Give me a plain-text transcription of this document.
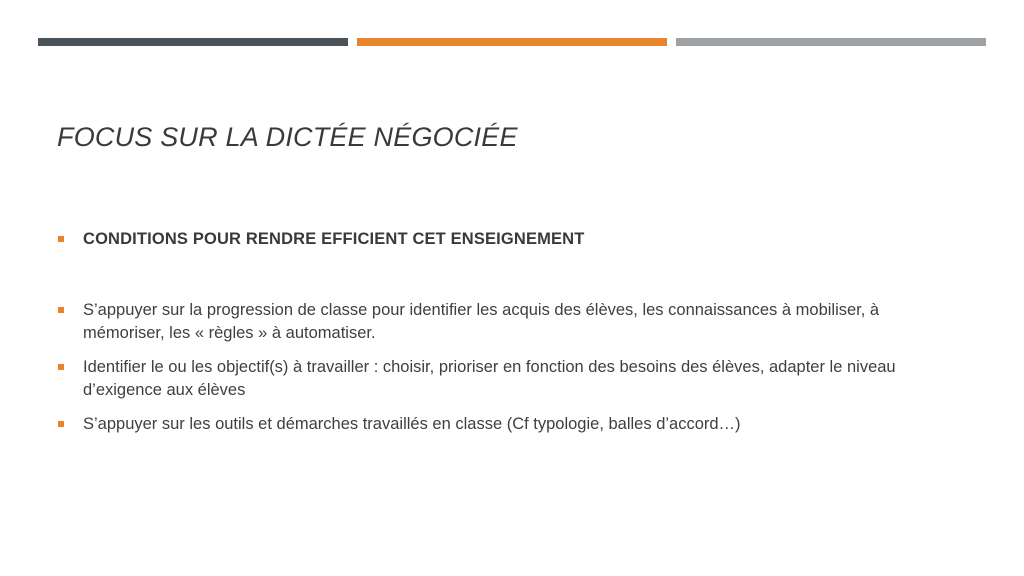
FOCUS SUR LA DICTÉE NÉGOCIÉE
CONDITIONS POUR RENDRE EFFICIENT CET ENSEIGNEMENT
S’appuyer sur la progression de classe pour identifier les acquis des élèves, les connaissances à mobiliser, à mémoriser, les « règles » à automatiser.
Identifier le ou les objectif(s) à travailler : choisir, prioriser en fonction des besoins des élèves, adapter le niveau d’exigence aux élèves
S’appuyer sur les outils et démarches travaillés en classe (Cf typologie, balles d’accord…)
